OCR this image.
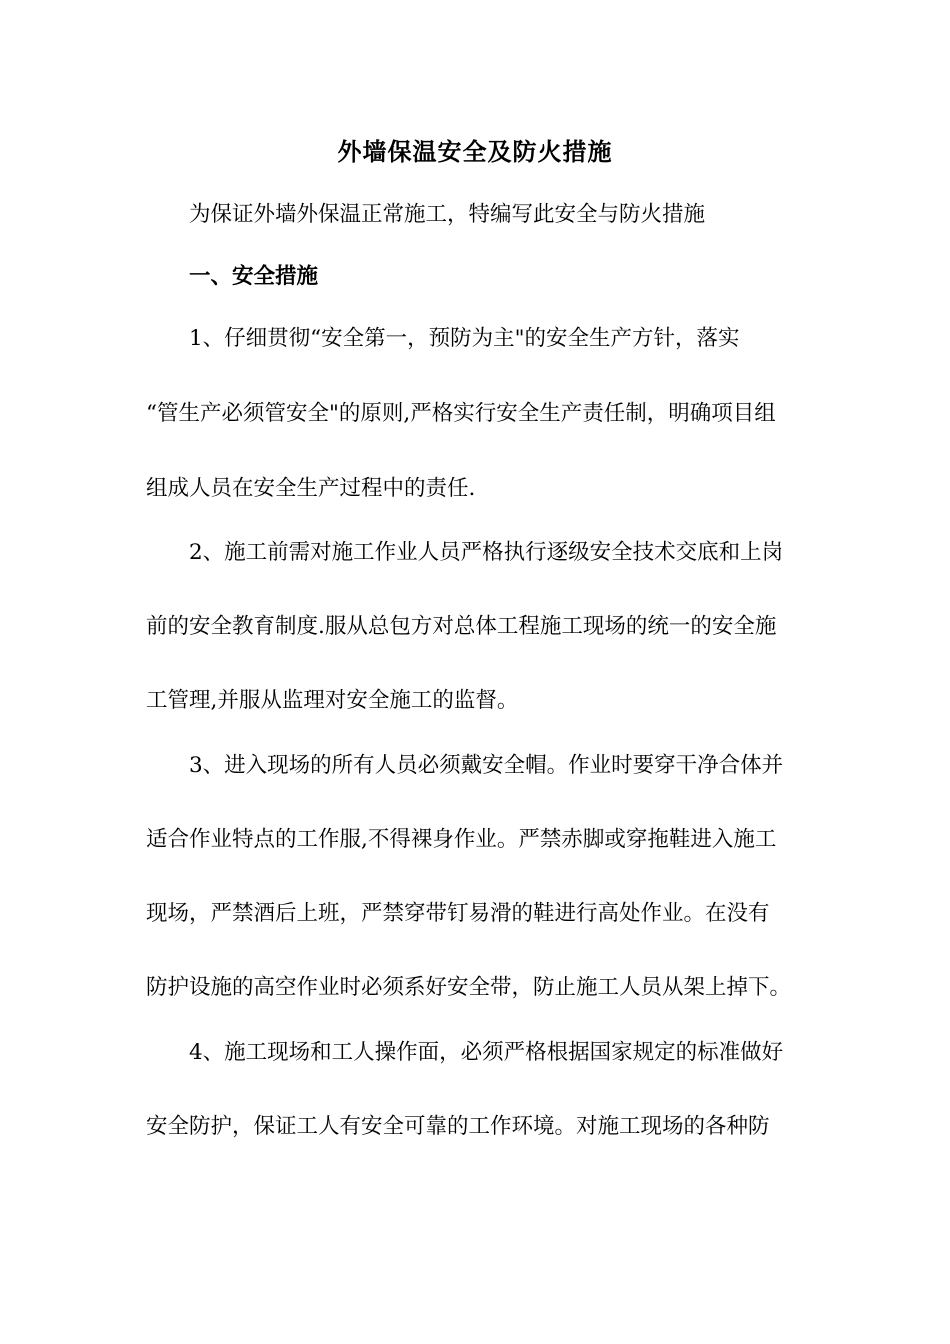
外墙保温安全及防火措施
为保证外墙外保温正常施工，特编写此安全与防火措施
一、安全措施
1、仔细贯彻“安全第一，预防为主"的安全生产方针，落实
“管生产必须管安全"的原则,严格实行安全生产责任制，明确项目组
组成人员在安全生产过程中的责任.
2、施工前需对施工作业人员严格执行逐级安全技术交底和上岗
前的安全教育制度.服从总包方对总体工程施工现场的统一的安全施
工管理,并服从监理对安全施工的监督。
3、进入现场的所有人员必须戴安全帽。作业时要穿干净合体并
适合作业特点的工作服,不得裸身作业。严禁赤脚或穿拖鞋进入施工
现场，严禁酒后上班，严禁穿带钉易滑的鞋进行高处作业。在没有
防护设施的高空作业时必须系好安全带，防止施工人员从架上掉下。
4、施工现场和工人操作面，必须严格根据国家规定的标准做好
安全防护，保证工人有安全可靠的工作环境。对施工现场的各种防
